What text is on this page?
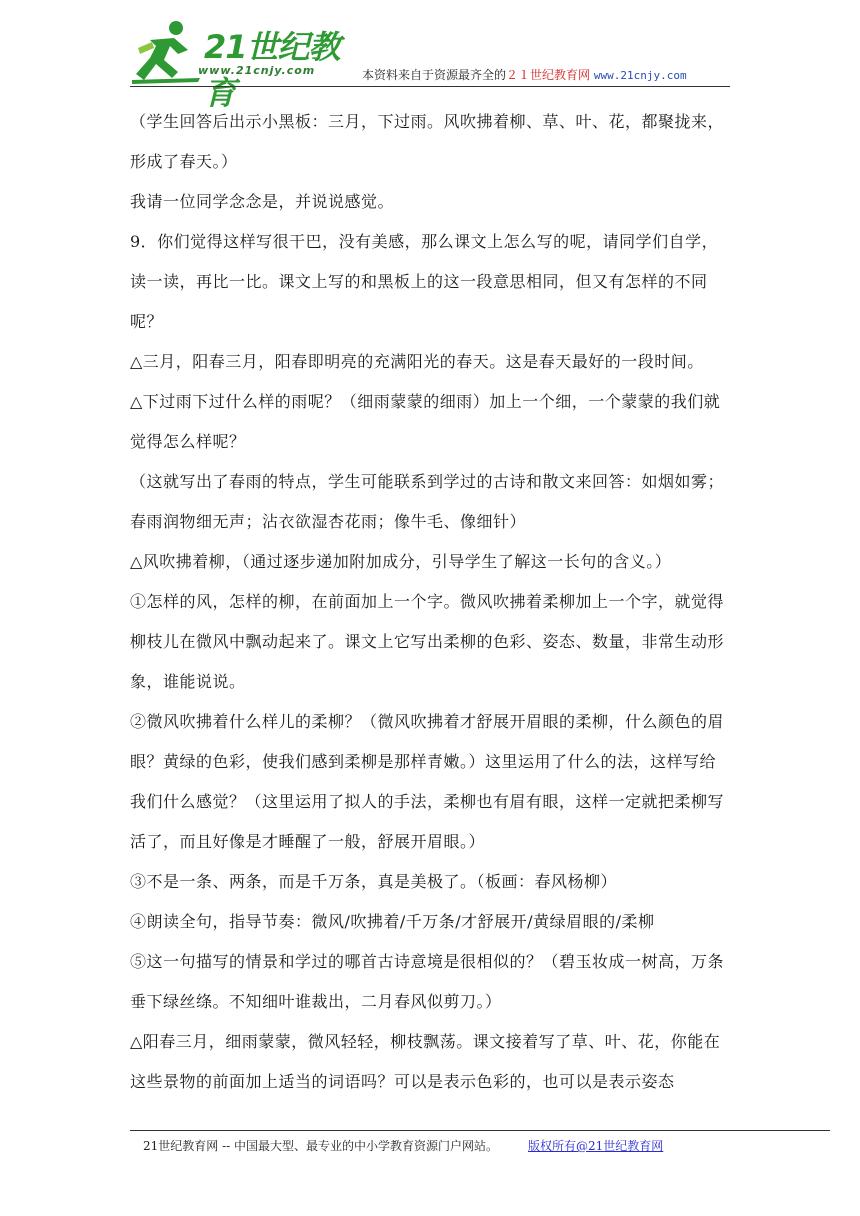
21世纪教育
www.21cnjy.com	本资料来自于资源最齐全的２１世纪教育网 www.21cnjy.com

（学生回答后出示小黑板：三月，下过雨。风吹拂着柳、草、叶、花，都聚拢来，形成了春天。）

我请一位同学念念是，并说说感觉。

9．你们觉得这样写很干巴，没有美感，那么课文上怎么写的呢，请同学们自学，读一读，再比一比。课文上写的和黑板上的这一段意思相同，但又有怎样的不同呢？

△三月，阳春三月，阳春即明亮的充满阳光的春天。这是春天最好的一段时间。

△下过雨下过什么样的雨呢？（细雨蒙蒙的细雨）加上一个细，一个蒙蒙的我们就觉得怎么样呢？

（这就写出了春雨的特点，学生可能联系到学过的古诗和散文来回答：如烟如雾；春雨润物细无声；沾衣欲湿杏花雨；像牛毛、像细针）

△风吹拂着柳，（通过逐步递加附加成分，引导学生了解这一长句的含义。）

①怎样的风，怎样的柳，在前面加上一个字。微风吹拂着柔柳加上一个字，就觉得柳枝儿在微风中飘动起来了。课文上它写出柔柳的色彩、姿态、数量，非常生动形象，谁能说说。

②微风吹拂着什么样儿的柔柳？（微风吹拂着才舒展开眉眼的柔柳，什么颜色的眉眼？黄绿的色彩，使我们感到柔柳是那样青嫩。）这里运用了什么的法，这样写给我们什么感觉？（这里运用了拟人的手法，柔柳也有眉有眼，这样一定就把柔柳写活了，而且好像是才睡醒了一般，舒展开眉眼。）

③不是一条、两条，而是千万条，真是美极了。（板画：春风杨柳）

④朗读全句，指导节奏：微风/吹拂着/千万条/才舒展开/黄绿眉眼的/柔柳

⑤这一句描写的情景和学过的哪首古诗意境是很相似的？（碧玉妆成一树高，万条垂下绿丝绦。不知细叶谁裁出，二月春风似剪刀。）

△阳春三月，细雨蒙蒙，微风轻轻，柳枝飘荡。课文接着写了草、叶、花，你能在这些景物的前面加上适当的词语吗？可以是表示色彩的，也可以是表示姿态

21世纪教育网 -- 中国最大型、最专业的中小学教育资源门户网站。	版权所有@21世纪教育网
